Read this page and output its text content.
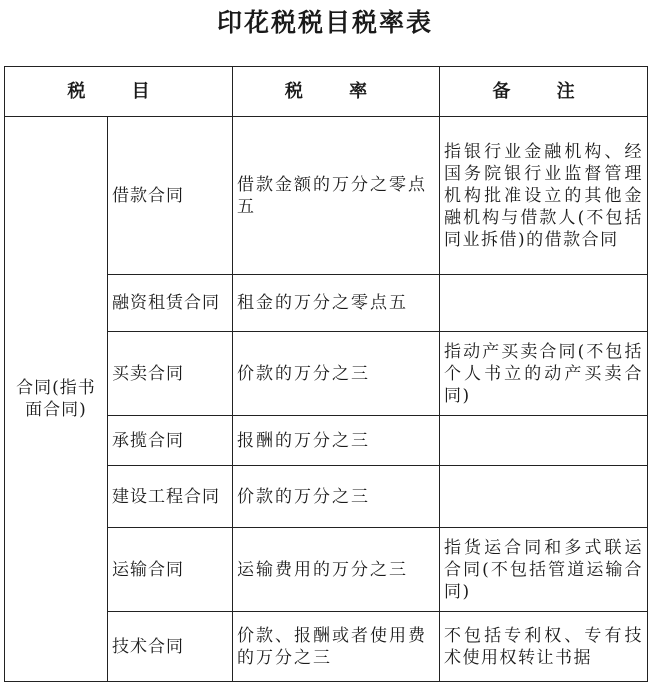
印花税税目税率表
税 目		税 率	备 注
合同(指书面合同)	借款合同	借款金额的万分之零点五	指银行业金融机构、经国务院银行业监督管理机构批准设立的其他金融机构与借款人(不包括同业拆借)的借款合同
	融资租赁合同	租金的万分之零点五	
	买卖合同	价款的万分之三	指动产买卖合同(不包括个人书立的动产买卖合同)
	承揽合同	报酬的万分之三	
	建设工程合同	价款的万分之三	
	运输合同	运输费用的万分之三	指货运合同和多式联运合同(不包括管道运输合同)
	技术合同	价款、报酬或者使用费的万分之三	不包括专利权、专有技术使用权转让书据
